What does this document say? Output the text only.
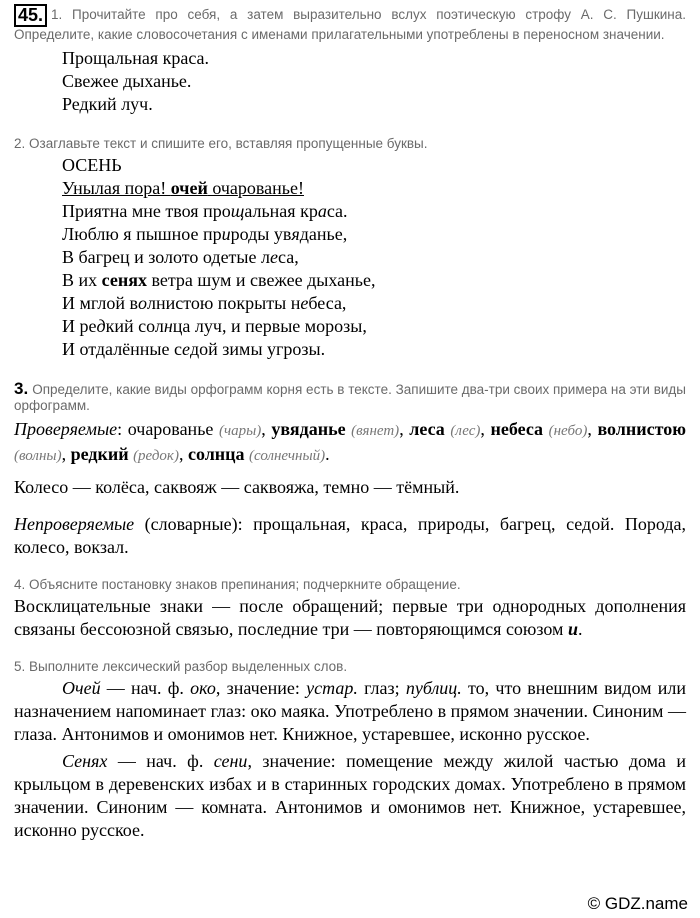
45. 1. Прочитайте про себя, а затем выразительно вслух поэтическую строфу А. С. Пушкина. Определите, какие словосочетания с именами прилагательными употреблены в переносном значении.
Прощальная краса.
Свежее дыханье.
Редкий луч.
2. Озаглавьте текст и спишите его, вставляя пропущенные буквы.
ОСЕНЬ
Унылая пора! очей очарованье!
Приятна мне твоя прощальная краса.
Люблю я пышное природы увяданье,
В багрец и золото одетые леса,
В их сенях ветра шум и свежее дыханье,
И мглой волнистою покрыты небеса,
И редкий солнца луч, и первые морозы,
И отдалённые седой зимы угрозы.
3. Определите, какие виды орфограмм корня есть в тексте. Запишите два-три своих примера на эти виды орфограмм.
Проверяемые: очарованье (чары), увяданье (вянет), леса (лес), небеса (небо), волнистою (волны), редкий (редок), солнца (солнечный).
Колесо — колёса, саквояж — саквояжа, темно — тёмный.
Непроверяемые (словарные): прощальная, краса, природы, багрец, седой. Порода, колесо, вокзал.
4. Объясните постановку знаков препинания; подчеркните обращение.
Восклицательные знаки — после обращений; первые три однородных дополнения связаны бессоюзной связью, последние три — повторяющимся союзом и.
5. Выполните лексический разбор выделенных слов.
Очей — нач. ф. око, значение: устар. глаз; публиц. то, что внешним видом или назначением напоминает глаз: око маяка. Употреблено в прямом значении. Синоним — глаза. Антонимов и омонимов нет. Книжное, устаревшее, исконно русское.
Сенях — нач. ф. сени, значение: помещение между жилой частью дома и крыльцом в деревенских избах и в старинных городских домах. Употреблено в прямом значении. Синоним — комната. Антонимов и омонимов нет. Книжное, устаревшее, исконно русское.
© GDZ.name
